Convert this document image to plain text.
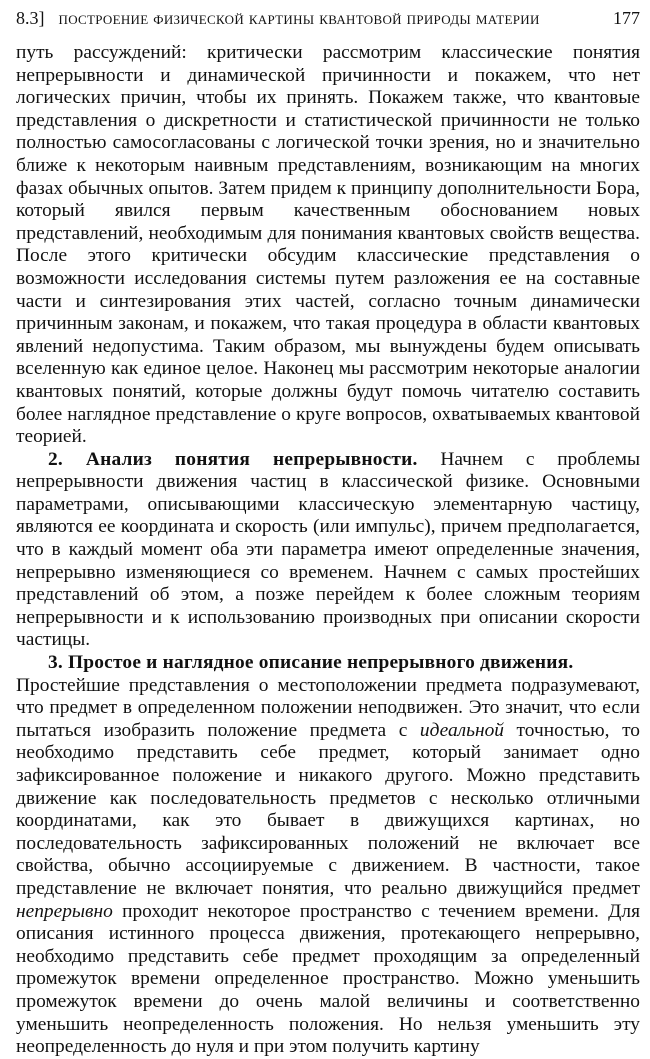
8.3] построение физической картины квантовой природы материи	177

путь рассуждений: критически рассмотрим классические понятия непрерывности и динамической причинности и покажем, что нет логических причин, чтобы их принять. Покажем также, что квантовые представления о дискретности и статистической причинности не только полностью самосогласованы с логической точки зрения, но и значительно ближе к некоторым наивным представлениям, возникающим на многих фазах обычных опытов. Затем придем к принципу дополнительности Бора, который явился первым качественным обоснованием новых представлений, необходимым для понимания квантовых свойств вещества. После этого критически обсудим классические представления о возможности исследования системы путем разложения ее на составные части и синтезирования этих частей, согласно точным динамически причинным законам, и покажем, что такая процедура в области квантовых явлений недопустима. Таким образом, мы вынуждены будем описывать вселенную как единое целое. Наконец мы рассмотрим некоторые аналогии квантовых понятий, которые должны будут помочь читателю составить более наглядное представление о круге вопросов, охватываемых квантовой теорией.

2. Анализ понятия непрерывности. Начнем с проблемы непрерывности движения частиц в классической физике. Основными параметрами, описывающими классическую элементарную частицу, являются ее координата и скорость (или импульс), причем предполагается, что в каждый момент оба эти параметра имеют определенные значения, непрерывно изменяющиеся со временем. Начнем с самых простейших представлений об этом, а позже перейдем к более сложным теориям непрерывности и к использованию производных при описании скорости частицы.

3. Простое и наглядное описание непрерывного движения.

Простейшие представления о местоположении предмета подразумевают, что предмет в определенном положении неподвижен. Это значит, что если пытаться изобразить положение предмета с идеальной точностью, то необходимо представить себе предмет, который занимает одно зафиксированное положение и никакого другого. Можно представить движение как последовательность предметов с несколько отличными координатами, как это бывает в движущихся картинах, но последовательность зафиксированных положений не включает все свойства, обычно ассоциируемые с движением. В частности, такое представление не включает понятия, что реально движущийся предмет непрерывно проходит некоторое пространство с течением времени. Для описания истинного процесса движения, протекающего непрерывно, необходимо представить себе предмет проходящим за определенный промежуток времени определенное пространство. Можно уменьшить промежуток времени до очень малой величины и соответственно уменьшить неопределенность положения. Но нельзя уменьшить эту неопределенность до нуля и при этом получить картину
